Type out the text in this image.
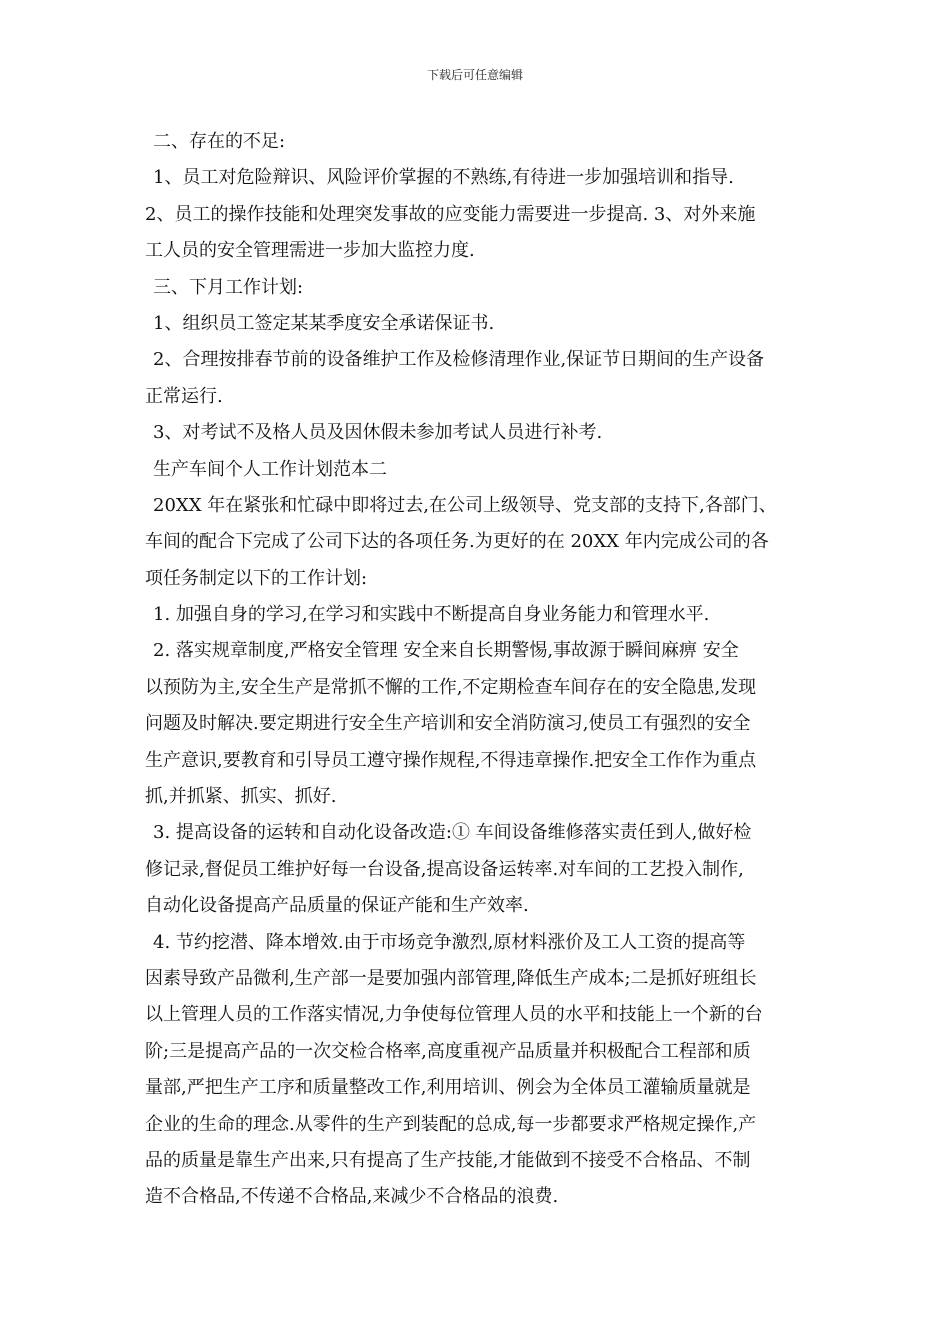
下载后可任意编辑
二、存在的不足:
1、员工对危险辩识、风险评价掌握的不熟练,有待进一步加强培训和指导.
2、员工的操作技能和处理突发事故的应变能力需要进一步提高. 3、对外来施
工人员的安全管理需进一步加大监控力度.
三、下月工作计划:
1、组织员工签定某某季度安全承诺保证书.
2、合理按排春节前的设备维护工作及检修清理作业,保证节日期间的生产设备
正常运行.
3、对考试不及格人员及因休假未参加考试人员进行补考.
生产车间个人工作计划范本二
20XX 年在紧张和忙碌中即将过去,在公司上级领导、党支部的支持下,各部门、
车间的配合下完成了公司下达的各项任务.为更好的在 20XX 年内完成公司的各
项任务制定以下的工作计划:
1. 加强自身的学习,在学习和实践中不断提高自身业务能力和管理水平.
2. 落实规章制度,严格安全管理 安全来自长期警惕,事故源于瞬间麻痹 安全
以预防为主,安全生产是常抓不懈的工作,不定期检查车间存在的安全隐患,发现
问题及时解决.要定期进行安全生产培训和安全消防演习,使员工有强烈的安全
生产意识,要教育和引导员工遵守操作规程,不得违章操作.把安全工作作为重点
抓,并抓紧、抓实、抓好.
3. 提高设备的运转和自动化设备改造:① 车间设备维修落实责任到人,做好检
修记录,督促员工维护好每一台设备,提高设备运转率.对车间的工艺投入制作,
自动化设备提高产品质量的保证产能和生产效率.
4. 节约挖潜、降本增效.由于市场竞争激烈,原材料涨价及工人工资的提高等
因素导致产品微利,生产部一是要加强内部管理,降低生产成本;二是抓好班组长
以上管理人员的工作落实情况,力争使每位管理人员的水平和技能上一个新的台
阶;三是提高产品的一次交检合格率,高度重视产品质量并积极配合工程部和质
量部,严把生产工序和质量整改工作,利用培训、例会为全体员工灌输质量就是
企业的生命的理念.从零件的生产到装配的总成,每一步都要求严格规定操作,产
品的质量是靠生产出来,只有提高了生产技能,才能做到不接受不合格品、不制
造不合格品,不传递不合格品,来减少不合格品的浪费.
